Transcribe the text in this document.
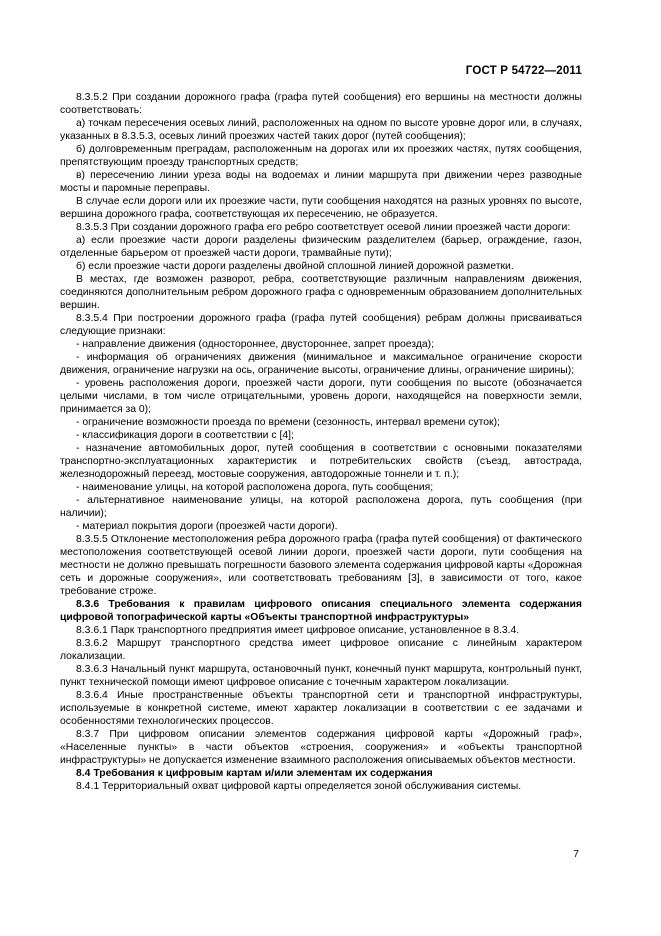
ГОСТ Р 54722—2011

8.3.5.2 При создании дорожного графа (графа путей сообщения) его вершины на местности должны соответствовать:

а) точкам пересечения осевых линий, расположенных на одном по высоте уровне дорог или, в случаях, указанных в 8.3.5.3, осевых линий проезжих частей таких дорог (путей сообщения);

б) долговременным преградам, расположенным на дорогах или их проезжих частях, путях сообщения, препятствующим проезду транспортных средств;

в) пересечению линии уреза воды на водоемах и линии маршрута при движении через разводные мосты и паромные переправы.

В случае если дороги или их проезжие части, пути сообщения находятся на разных уровнях по высоте, вершина дорожного графа, соответствующая их пересечению, не образуется.

8.3.5.3 При создании дорожного графа его ребро соответствует осевой линии проезжей части дороги:

а) если проезжие части дороги разделены физическим разделителем (барьер, ограждение, газон, отделенные барьером от проезжей части дороги, трамвайные пути);

б) если проезжие части дороги разделены двойной сплошной линией дорожной разметки.

В местах, где возможен разворот, ребра, соответствующие различным направлениям движения, соединяются дополнительным ребром дорожного графа с одновременным образованием дополнительных вершин.

8.3.5.4 При построении дорожного графа (графа путей сообщения) ребрам должны присваиваться следующие признаки:

- направление движения (одностороннее, двустороннее, запрет проезда);

- информация об ограничениях движения (минимальное и максимальное ограничение скорости движения, ограничение нагрузки на ось, ограничение высоты, ограничение длины, ограничение ширины);

- уровень расположения дороги, проезжей части дороги, пути сообщения по высоте (обозначается целыми числами, в том числе отрицательными, уровень дороги, находящейся на поверхности земли, принимается за 0);

- ограничение возможности проезда по времени (сезонность, интервал времени суток);

- классификация дороги в соответствии с [4];

- назначение автомобильных дорог, путей сообщения в соответствии с основными показателями транспортно-эксплуатационных характеристик и потребительских свойств (съезд, автострада, железнодорожный переезд, мостовые сооружения, автодорожные тоннели и т. п.);

- наименование улицы, на которой расположена дорога, путь сообщения;

- альтернативное наименование улицы, на которой расположена дорога, путь сообщения (при наличии);

- материал покрытия дороги (проезжей части дороги).

8.3.5.5 Отклонение местоположения ребра дорожного графа (графа путей сообщения) от фактического местоположения соответствующей осевой линии дороги, проезжей части дороги, пути сообщения на местности не должно превышать погрешности базового элемента содержания цифровой карты «Дорожная сеть и дорожные сооружения», или соответствовать требованиям [3], в зависимости от того, какое требование строже.

8.3.6 Требования к правилам цифрового описания специального элемента содержания цифровой топографической карты «Объекты транспортной инфраструктуры»

8.3.6.1 Парк транспортного предприятия имеет цифровое описание, установленное в 8.3.4.

8.3.6.2 Маршрут транспортного средства имеет цифровое описание с линейным характером локализации.

8.3.6.3 Начальный пункт маршрута, остановочный пункт, конечный пункт маршрута, контрольный пункт, пункт технической помощи имеют цифровое описание с точечным характером локализации.

8.3.6.4 Иные пространственные объекты транспортной сети и транспортной инфраструктуры, используемые в конкретной системе, имеют характер локализации в соответствии с ее задачами и особенностями технологических процессов.

8.3.7 При цифровом описании элементов содержания цифровой карты «Дорожный граф», «Населенные пункты» в части объектов «строения, сооружения» и «объекты транспортной инфраструктуры» не допускается изменение взаимного расположения описываемых объектов местности.

8.4 Требования к цифровым картам и/или элементам их содержания

8.4.1 Территориальный охват цифровой карты определяется зоной обслуживания системы.

7
